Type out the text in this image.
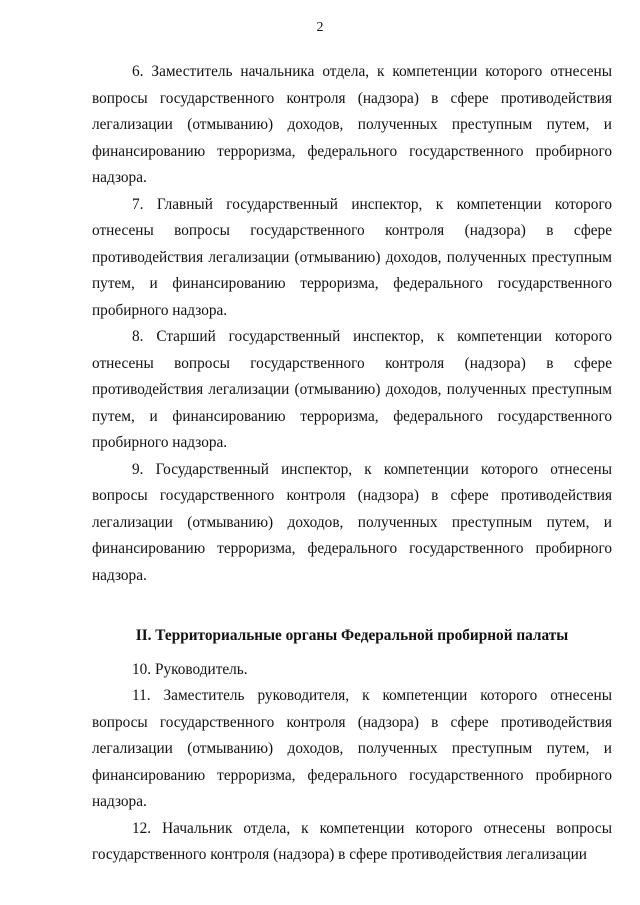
2

6. Заместитель начальника отдела, к компетенции которого отнесены вопросы государственного контроля (надзора) в сфере противодействия легализации (отмыванию) доходов, полученных преступным путем, и финансированию терроризма, федерального государственного пробирного надзора.

7. Главный государственный инспектор, к компетенции которого отнесены вопросы государственного контроля (надзора) в сфере противодействия легализации (отмыванию) доходов, полученных преступным путем, и финансированию терроризма, федерального государственного пробирного надзора.

8. Старший государственный инспектор, к компетенции которого отнесены вопросы государственного контроля (надзора) в сфере противодействия легализации (отмыванию) доходов, полученных преступным путем, и финансированию терроризма, федерального государственного пробирного надзора.

9. Государственный инспектор, к компетенции которого отнесены вопросы государственного контроля (надзора) в сфере противодействия легализации (отмыванию) доходов, полученных преступным путем, и финансированию терроризма, федерального государственного пробирного надзора.

II. Территориальные органы Федеральной пробирной палаты

10. Руководитель.

11. Заместитель руководителя, к компетенции которого отнесены вопросы государственного контроля (надзора) в сфере противодействия легализации (отмыванию) доходов, полученных преступным путем, и финансированию терроризма, федерального государственного пробирного надзора.

12. Начальник отдела, к компетенции которого отнесены вопросы государственного контроля (надзора) в сфере противодействия легализации
